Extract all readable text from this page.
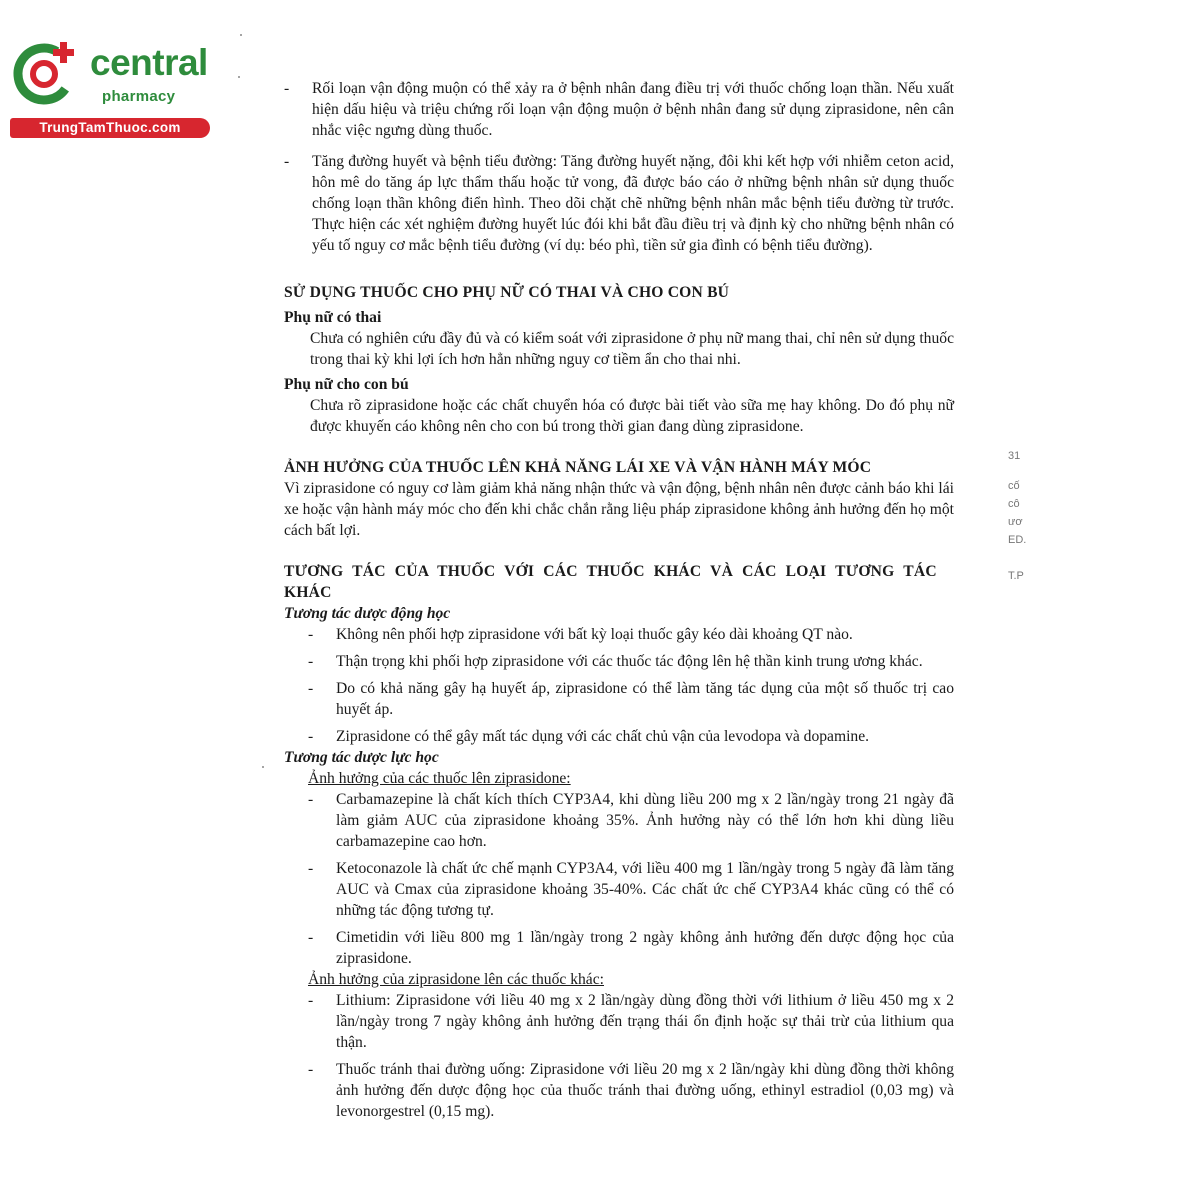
central
pharmacy
TrungTamThuoc.com
- Rối loạn vận động muộn có thể xảy ra ở bệnh nhân đang điều trị với thuốc chống loạn thần. Nếu xuất hiện dấu hiệu và triệu chứng rối loạn vận động muộn ở bệnh nhân đang sử dụng ziprasidone, nên cân nhắc việc ngưng dùng thuốc.
- Tăng đường huyết và bệnh tiểu đường: Tăng đường huyết nặng, đôi khi kết hợp với nhiễm ceton acid, hôn mê do tăng áp lực thẩm thấu hoặc tử vong, đã được báo cáo ở những bệnh nhân sử dụng thuốc chống loạn thần không điển hình. Theo dõi chặt chẽ những bệnh nhân mắc bệnh tiểu đường từ trước. Thực hiện các xét nghiệm đường huyết lúc đói khi bắt đầu điều trị và định kỳ cho những bệnh nhân có yếu tố nguy cơ mắc bệnh tiểu đường (ví dụ: béo phì, tiền sử gia đình có bệnh tiểu đường).
SỬ DỤNG THUỐC CHO PHỤ NỮ CÓ THAI VÀ CHO CON BÚ
Phụ nữ có thai
Chưa có nghiên cứu đầy đủ và có kiểm soát với ziprasidone ở phụ nữ mang thai, chỉ nên sử dụng thuốc trong thai kỳ khi lợi ích hơn hẳn những nguy cơ tiềm ẩn cho thai nhi.
Phụ nữ cho con bú
Chưa rõ ziprasidone hoặc các chất chuyển hóa có được bài tiết vào sữa mẹ hay không. Do đó phụ nữ được khuyến cáo không nên cho con bú trong thời gian đang dùng ziprasidone.
ẢNH HƯỞNG CỦA THUỐC LÊN KHẢ NĂNG LÁI XE VÀ VẬN HÀNH MÁY MÓC
Vì ziprasidone có nguy cơ làm giảm khả năng nhận thức và vận động, bệnh nhân nên được cảnh báo khi lái xe hoặc vận hành máy móc cho đến khi chắc chắn rằng liệu pháp ziprasidone không ảnh hưởng đến họ một cách bất lợi.
TƯƠNG TÁC CỦA THUỐC VỚI CÁC THUỐC KHÁC VÀ CÁC LOẠI TƯƠNG TÁC KHÁC
Tương tác dược động học
- Không nên phối hợp ziprasidone với bất kỳ loại thuốc gây kéo dài khoảng QT nào.
- Thận trọng khi phối hợp ziprasidone với các thuốc tác động lên hệ thần kinh trung ương khác.
- Do có khả năng gây hạ huyết áp, ziprasidone có thể làm tăng tác dụng của một số thuốc trị cao huyết áp.
- Ziprasidone có thể gây mất tác dụng với các chất chủ vận của levodopa và dopamine.
Tương tác dược lực học
Ảnh hưởng của các thuốc lên ziprasidone:
- Carbamazepine là chất kích thích CYP3A4, khi dùng liều 200 mg x 2 lần/ngày trong 21 ngày đã làm giảm AUC của ziprasidone khoảng 35%. Ảnh hưởng này có thể lớn hơn khi dùng liều carbamazepine cao hơn.
- Ketoconazole là chất ức chế mạnh CYP3A4, với liều 400 mg 1 lần/ngày trong 5 ngày đã làm tăng AUC và Cmax của ziprasidone khoảng 35-40%. Các chất ức chế CYP3A4 khác cũng có thể có những tác động tương tự.
- Cimetidin với liều 800 mg 1 lần/ngày trong 2 ngày không ảnh hưởng đến dược động học của ziprasidone.
Ảnh hưởng của ziprasidone lên các thuốc khác:
- Lithium: Ziprasidone với liều 40 mg x 2 lần/ngày dùng đồng thời với lithium ở liều 450 mg x 2 lần/ngày trong 7 ngày không ảnh hưởng đến trạng thái ổn định hoặc sự thải trừ của lithium qua thận.
- Thuốc tránh thai đường uống: Ziprasidone với liều 20 mg x 2 lần/ngày khi dùng đồng thời không ảnh hưởng đến dược động học của thuốc tránh thai đường uống, ethinyl estradiol (0,03 mg) và levonorgestrel (0,15 mg).
31
cố
cô
ươ
ED.
T.P
